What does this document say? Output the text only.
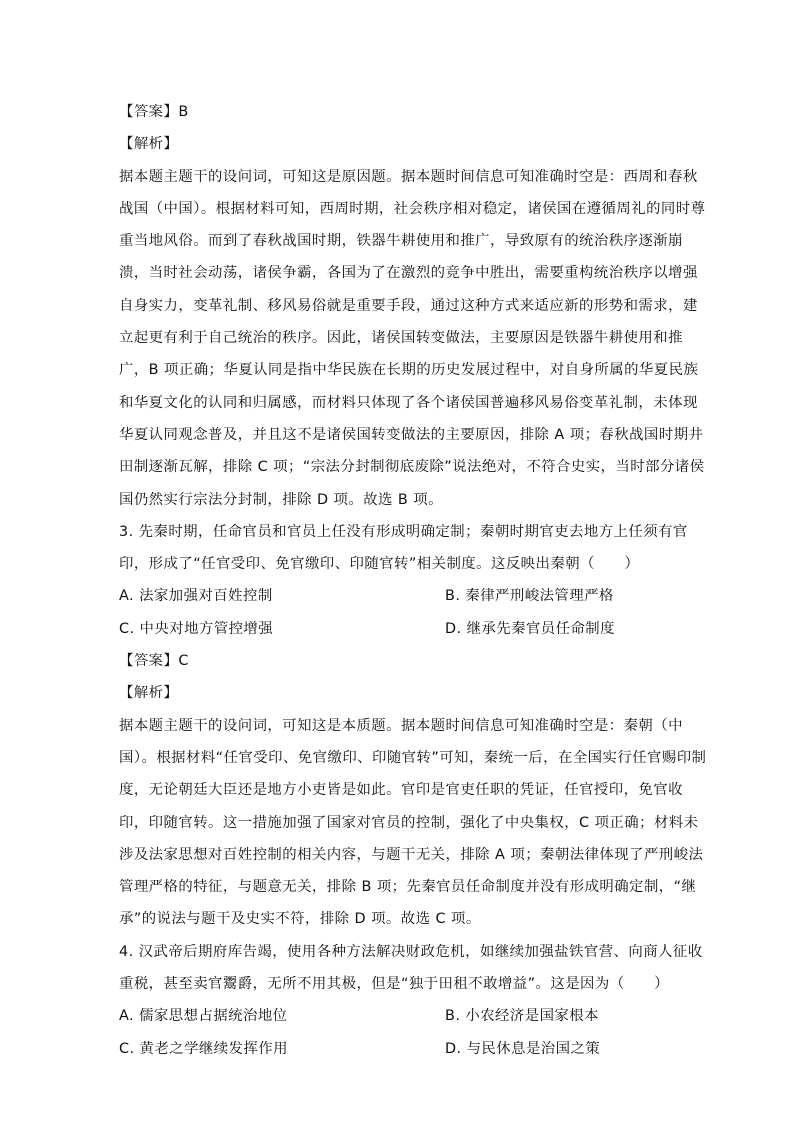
【答案】B
【解析】
据本题主题干的设问词，可知这是原因题。据本题时间信息可知准确时空是：西周和春秋
战国（中国）。根据材料可知，西周时期，社会秩序相对稳定，诸侯国在遵循周礼的同时尊
重当地风俗。而到了春秋战国时期，铁器牛耕使用和推广，导致原有的统治秩序逐渐崩
溃，当时社会动荡，诸侯争霸，各国为了在激烈的竞争中胜出，需要重构统治秩序以增强
自身实力，变革礼制、移风易俗就是重要手段，通过这种方式来适应新的形势和需求，建
立起更有利于自己统治的秩序。因此，诸侯国转变做法，主要原因是铁器牛耕使用和推
广，B 项正确；华夏认同是指中华民族在长期的历史发展过程中，对自身所属的华夏民族
和华夏文化的认同和归属感，而材料只体现了各个诸侯国普遍移风易俗变革礼制，未体现
华夏认同观念普及，并且这不是诸侯国转变做法的主要原因，排除 A 项；春秋战国时期井
田制逐渐瓦解，排除 C 项；“宗法分封制彻底废除”说法绝对，不符合史实，当时部分诸侯
国仍然实行宗法分封制，排除 D 项。故选 B 项。
3. 先秦时期，任命官员和官员上任没有形成明确定制；秦朝时期官吏去地方上任须有官
印，形成了“任官受印、免官缴印、印随官转”相关制度。这反映出秦朝（　　）
A. 法家加强对百姓控制	B. 秦律严刑峻法管理严格
C. 中央对地方管控增强	D. 继承先秦官员任命制度
【答案】C
【解析】
据本题主题干的设问词，可知这是本质题。据本题时间信息可知准确时空是：秦朝（中
国）。根据材料“任官受印、免官缴印、印随官转”可知，秦统一后，在全国实行任官赐印制
度，无论朝廷大臣还是地方小吏皆是如此。官印是官吏任职的凭证，任官授印，免官收
印，印随官转。这一措施加强了国家对官员的控制，强化了中央集权，C 项正确；材料未
涉及法家思想对百姓控制的相关内容，与题干无关，排除 A 项；秦朝法律体现了严刑峻法
管理严格的特征，与题意无关，排除 B 项；先秦官员任命制度并没有形成明确定制，“继
承”的说法与题干及史实不符，排除 D 项。故选 C 项。
4. 汉武帝后期府库告竭，使用各种方法解决财政危机，如继续加强盐铁官营、向商人征收
重税，甚至卖官鬻爵，无所不用其极，但是“独于田租不敢增益”。这是因为（　　）
A. 儒家思想占据统治地位	B. 小农经济是国家根本
C. 黄老之学继续发挥作用	D. 与民休息是治国之策
